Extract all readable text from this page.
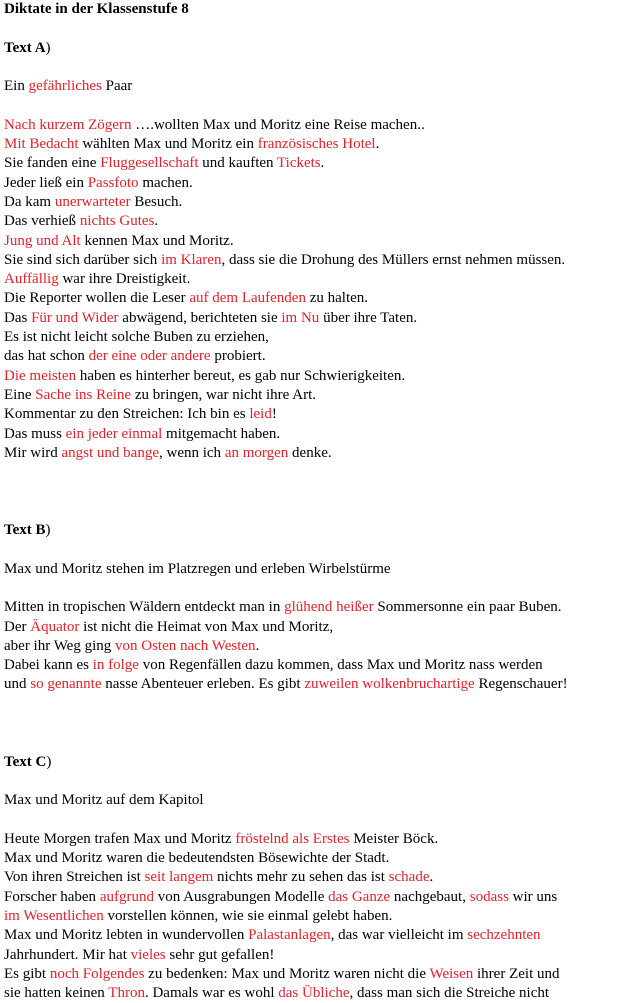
Diktate in der Klassenstufe 8
Text A)
Ein gefährliches Paar
Nach kurzem Zögern ….wollten Max und Moritz eine Reise machen..
Mit Bedacht wählten Max und Moritz ein französisches Hotel.
Sie fanden eine Fluggesellschaft und kauften Tickets.
Jeder ließ ein Passfoto machen.
Da kam unerwarteter Besuch.
Das verhieß nichts Gutes.
Jung und Alt kennen Max und Moritz.
Sie sind sich darüber sich im Klaren, dass sie die Drohung des Müllers ernst nehmen müssen.
Auffällig war ihre Dreistigkeit.
Die Reporter wollen die Leser auf dem Laufenden zu halten.
Das Für und Wider abwägend, berichteten sie im Nu über ihre Taten.
Es ist nicht leicht solche Buben zu erziehen,
das hat schon der eine oder andere probiert.
Die meisten haben es hinterher bereut, es gab nur Schwierigkeiten.
Eine Sache ins Reine zu bringen, war nicht ihre Art.
Kommentar zu den Streichen: Ich bin es leid!
Das muss ein jeder einmal mitgemacht haben.
Mir wird angst und bange, wenn ich an morgen denke.
Text B)
Max und Moritz stehen im Platzregen und erleben Wirbelstürme
Mitten in tropischen Wäldern entdeckt man in glühend heißer Sommersonne ein paar Buben.
Der Äquator ist nicht die Heimat von Max und Moritz,
aber ihr Weg ging von Osten nach Westen.
Dabei kann es in folge von Regenfällen dazu kommen, dass Max und Moritz nass werden
und so genannte nasse Abenteuer erleben. Es gibt zuweilen wolkenbruchartige Regenschauer!
Text C)
Max und Moritz auf dem Kapitol
Heute Morgen trafen Max und Moritz fröstelnd als Erstes Meister Böck.
Max und Moritz waren die bedeutendsten Bösewichte der Stadt.
Von ihren Streichen ist seit langem nichts mehr zu sehen das ist schade.
Forscher haben aufgrund von Ausgrabungen Modelle das Ganze nachgebaut, sodass wir uns
im Wesentlichen vorstellen können, wie sie einmal gelebt haben.
Max und Moritz lebten in wundervollen Palastanlagen, das war vielleicht im sechzehnten
Jahrhundert. Mir hat vieles sehr gut gefallen!
Es gibt noch Folgendes zu bedenken: Max und Moritz waren nicht die Weisen ihrer Zeit und
sie hatten keinen Thron. Damals war es wohl das Übliche, dass man sich die Streiche nicht
